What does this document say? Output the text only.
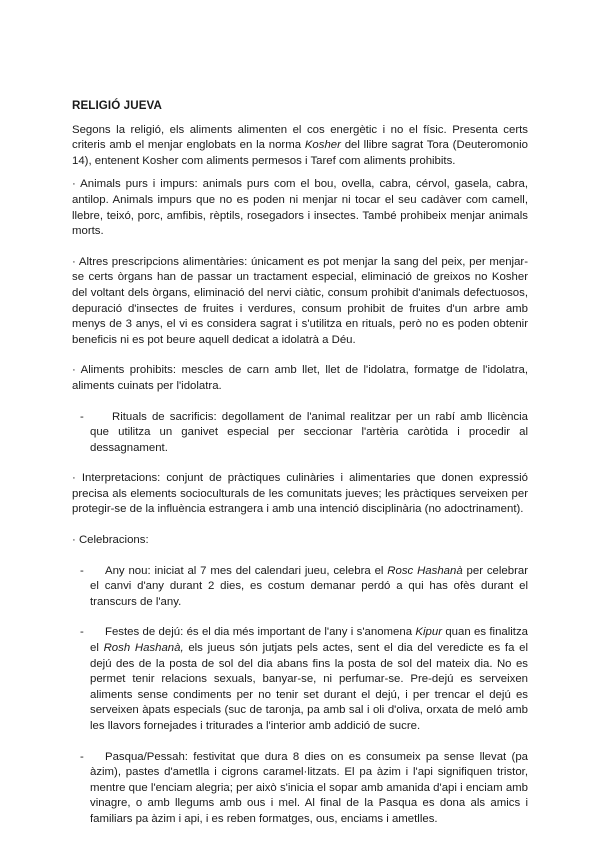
RELIGIÓ JUEVA

Segons la religió, els aliments alimenten el cos energètic i no el físic. Presenta certs criteris amb el menjar englobats en la norma Kosher del llibre sagrat Tora (Deuteromonio 14), entenent Kosher com aliments permesos i Taref com aliments prohibits.

· Animals purs i impurs: animals purs com el bou, ovella, cabra, cérvol, gasela, cabra, antilop. Animals impurs que no es poden ni menjar ni tocar el seu cadàver com camell, llebre, teixó, porc, amfibis, rèptils, rosegadors i insectes. També prohibeix menjar animals morts.

· Altres prescripcions alimentàries: únicament es pot menjar la sang del peix, per menjar-se certs òrgans han de passar un tractament especial, eliminació de greixos no Kosher del voltant dels òrgans, eliminació del nervi ciàtic, consum prohibit d'animals defectuosos, depuració d'insectes de fruites i verdures, consum prohibit de fruites d'un arbre amb menys de 3 anys, el vi es considera sagrat i s'utilitza en rituals, però no es poden obtenir beneficis ni es pot beure aquell dedicat a idolatrà a Déu.

· Aliments prohibits: mescles de carn amb llet, llet de l'idolatra, formatge de l'idolatra, aliments cuinats per l'idolatra.

- Rituals de sacrificis: degollament de l'animal realitzar per un rabí amb llicència que utilitza un ganivet especial per seccionar l'artèria caròtida i procedir al dessagnament.

· Interpretacions: conjunt de pràctiques culinàries i alimentaries que donen expressió precisa als elements socioculturals de les comunitats jueves; les pràctiques serveixen per protegir-se de la influència estrangera i amb una intenció disciplinària (no adoctrinament).

· Celebracions:

- Any nou: iniciat al 7 mes del calendari jueu, celebra el Rosc Hashanà per celebrar el canvi d'any durant 2 dies, es costum demanar perdó a qui has ofès durant el transcurs de l'any.
- Festes de dejú: és el dia més important de l'any i s'anomena Kipur quan es finalitza el Rosh Hashanà, els jueus són jutjats pels actes, sent el dia del veredicte es fa el dejú des de la posta de sol del dia abans fins la posta de sol del mateix dia. No es permet tenir relacions sexuals, banyar-se, ni perfumar-se. Pre-dejú es serveixen aliments sense condiments per no tenir set durant el dejú, i per trencar el dejú es serveixen àpats especials (suc de taronja, pa amb sal i oli d'oliva, orxata de meló amb les llavors fornejades i triturades a l'interior amb addició de sucre.
- Pasqua/Pessah: festivitat que dura 8 dies on es consumeix pa sense llevat (pa àzim), pastes d'ametlla i cigrons caramel·litzats. El pa àzim i l'api signifiquen tristor, mentre que l'enciam alegria; per això s'inicia el sopar amb amanida d'api i enciam amb vinagre, o amb llegums amb ous i mel. Al final de la Pasqua es dona als amics i familiars pa àzim i api, i es reben formatges, ous, enciams i ametlles.
